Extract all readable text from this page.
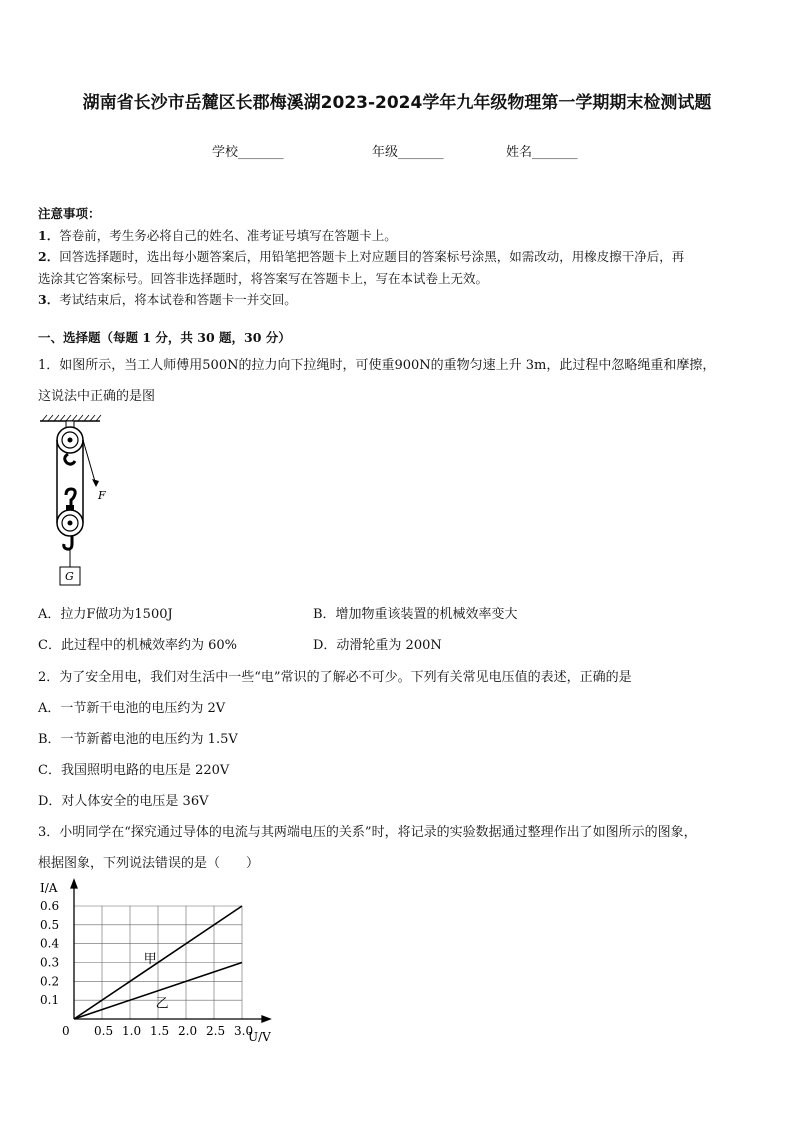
湖南省长沙市岳麓区长郡梅溪湖2023-2024学年九年级物理第一学期期末检测试题
学校_______	年级_______	姓名_______
注意事项：
1．答卷前，考生务必将自己的姓名、准考证号填写在答题卡上。
2．回答选择题时，选出每小题答案后，用铅笔把答题卡上对应题目的答案标号涂黑，如需改动，用橡皮擦干净后，再
选涂其它答案标号。回答非选择题时，将答案写在答题卡上，写在本试卷上无效。
3．考试结束后，将本试卷和答题卡一并交回。
一、选择题（每题 1 分，共 30 题，30 分）
1．如图所示，当工人师傅用500N的拉力向下拉绳时，可使重900N的重物匀速上升 3m，此过程中忽略绳重和摩擦，
这说法中正确的是图
F
G
A．拉力F做功为1500J	B．增加物重该装置的机械效率变大
C．此过程中的机械效率约为 60%	D．动滑轮重为 200N
2．为了安全用电，我们对生活中一些“电”常识的了解必不可少。下列有关常见电压值的表述，正确的是
A．一节新干电池的电压约为 2V
B．一节新蓄电池的电压约为 1.5V
C．我国照明电路的电压是 220V
D．对人体安全的电压是 36V
3．小明同学在“探究通过导体的电流与其两端电压的关系”时，将记录的实验数据通过整理作出了如图所示的图象，
根据图象，下列说法错误的是（　　）
0 0.5 1.0 1.5 2.0 2.5 3.0
0.1
0.2
0.3
0.4
0.5
0.6
U/V
I/A
甲
乙
